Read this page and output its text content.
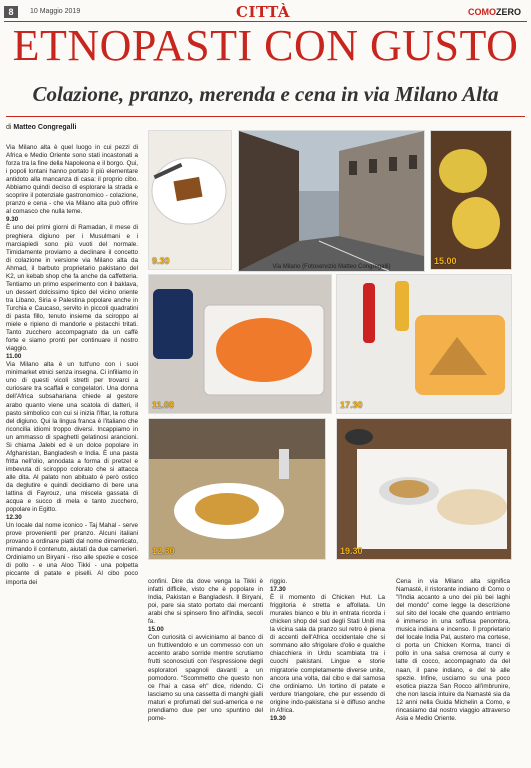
8	10 Maggio 2019	CITTÀ	COMOZERO
ETNOPASTI CON GUSTO
Colazione, pranzo, merenda e cena in via Milano Alta
di Matteo Congregalli

Via Milano alta è quel luogo in cui pezzi di Africa e Medio Oriente sono stati incastonati a forza tra la fine della Napoleona e il borgo. Qui, i popoli lontani hanno portato il più elementare antidoto alla mancanza di casa: il proprio cibo. Abbiamo quindi deciso di esplorare la strada e scoprire il potenziale gastronomico - colazione, pranzo e cena - che via Milano alta può offrire al comasco che nulla teme.

9.30

È uno dei primi giorni di Ramadan, il mese di preghiera digiuno per i Musulmani e i marciapiedi sono più vuoti del normale. Timidamente proviamo a declinare il concetto di colazione in versione via Milano alta da Ahmad, il barbuto proprietario pakistano del K2, un kebab shop che fa anche da caffetteria. Tentiamo un primo esperimento con il baklava, un dessert dolcissimo tipico del vicino oriente tra Libano, Siria e Palestina popolare anche in Turchia e Caucaso, servito in piccoli quadratini di pasta fillo, tenuto insieme da sciroppo al miele e ripieno di mandorle e pistacchi tritati. Tanto zucchero accompagnato da un caffè forte e siamo pronti per continuare il nostro viaggio.

11.00

Via Milano alta è un tutt'uno con i suoi minimarket etnici senza insegna. Ci infiliamo in uno di questi vicoli stretti per trovarci a curiosare tra scaffali e congelatori. Una donna dell'Africa subsahariana chiede al gestore arabo quanto viene una scatola di datteri, il pasto simbolico con cui si inizia l'iftar, la rottura del digiuno. Qui la lingua franca è l'italiano che riconcilia idiomi troppo diversi. Incappiamo in un ammasso di spaghetti gelatinosi arancioni. Si chiama Jalebi ed è un dolce popolare in Afghanistan, Bangladesh e India. È una pasta fritta nell'olio, annodata a forma di pretzel e imbevuta di sciroppo colorato che si attacca alle dita. Al palato non abituato è però ostico da deglutire e quindi decidiamo di bere una lattina di Fayrouz, una miscela gassata di acqua e succo di mela e tanto zucchero, popolare in Egitto.

12.30

Un locale dal nome iconico - Taj Mahal - serve prove provenienti per pranzo. Alcuni italiani provano a ordinare piatti dal nome dimenticato, mimando il contenuto, aiutati da due camerieri. Ordiniamo un Biryani - riso alle spezie e cosce di pollo - e una Aloo Tikki - una polpetta piccante di patate e piselli. Al cibo poco importa dei

9.30
Via Milano (Fotoservizio Matteo Congregalli)
15.00
11.00	17.30
12.30	19.30

confini. Dire da dove venga la Tikki è infatti difficile, visto che è popolare in India, Pakistan e Bangladesh. Il Biryani, poi, pare sia stato portato dai mercanti arabi che si spinsero fino all'India, secoli fa.

15.00

Con curiosità ci avviciniamo al banco di un fruttivendolo e un commesso con un accento arabo sorride mentre scrutiamo frutti sconosciuti con l'espressione degli esploratori spagnoli davanti a un pomodoro. "Scommetto che questo non ce l'hai a casa eh" dice, ridendo. Ci lasciamo su una cassetta di manghi gialli maturi e profumati del sud-america e ne prendiamo due per uno spuntino del pome-

riggio.

17.30

È il momento di Chicken Hut. La friggitoria è stretta e affollata. Un murales bianco e blu in entrata ricorda i chicken shop del sud degli Stati Uniti ma la vicina sala da pranzo sul retro è piena di accenti dell'Africa occidentale che si sommano allo sfrigolare d'olio e qualche chiacchiera in Urdu scambiata tra i cuochi pakistani. Lingue e storie migratorie completamente diverse unite, ancora una volta, dal cibo e dal samosa che ordiniamo. Un tortino di patate e verdure triangolare, che pur essendo di origine indo-pakistana si è diffuso anche in Africa.

19.30

Cena in via Milano alta significa Namasté, il ristorante indiano di Como o "l'India accanto a uno dei più bei laghi del mondo" come legge la descrizione sul sito del locale che quando entriamo è immerso in una soffusa penombra, musica indiana e incenso. Il proprietario del locale India Pal, austero ma cortese, ci porta un Chicken Korma, tranci di pollo in una salsa cremosa al curry e latte di cocco, accompagnato da del naan, il pane indiano, e del tè alle spezie. Infine, usciamo su una poco esotica piazza San Rocco all'imbrunire, che non lascia intuire da Namasté sia da 12 anni nella Guida Michelin a Como, e rincasiamo dal nostro viaggio attraverso Asia e Medio Oriente.
